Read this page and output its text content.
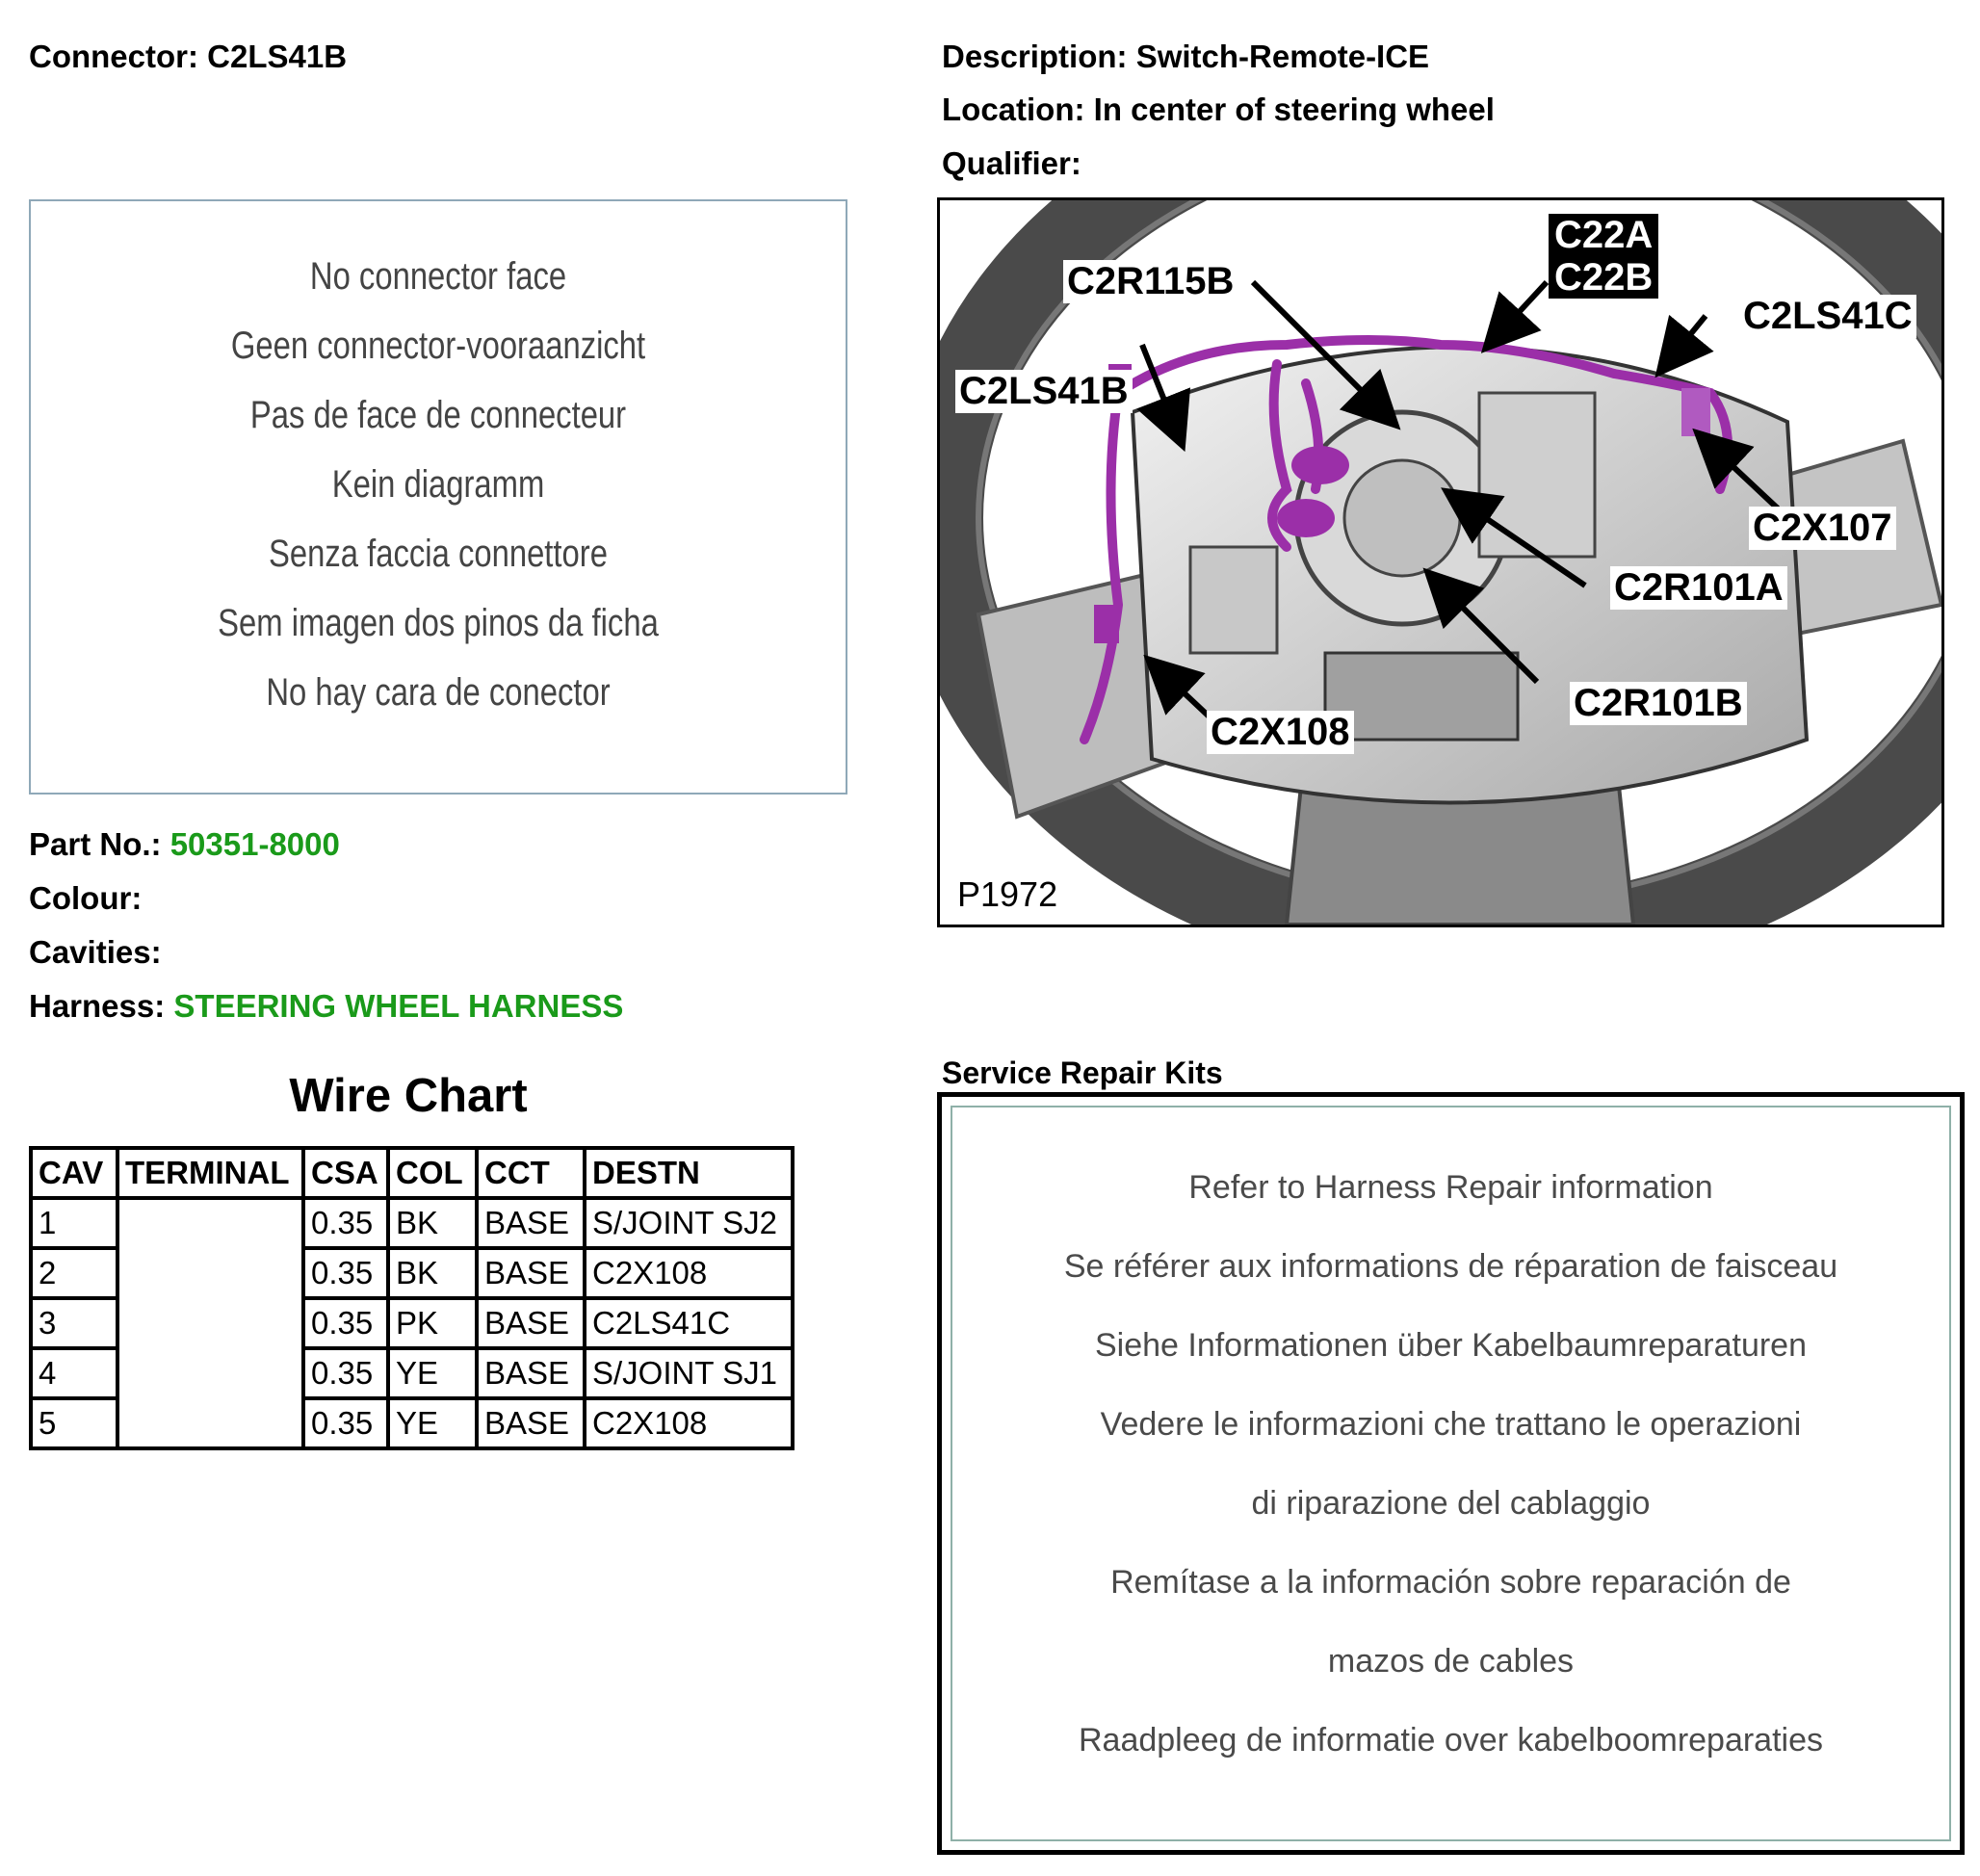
Connector: C2LS41B	Description: Switch-Remote-ICE
Location: In center of steering wheel
Qualifier:
No connector face
Geen connector-vooraanzicht
Pas de face de connecteur
Kein diagramm
Senza faccia connettore
Sem imagen dos pinos da ficha
No hay cara de conector
Part No.: 50351-8000
Colour:
Cavities:
Harness: STEERING WHEEL HARNESS
C22A
C22B
C2R115B
C2LS41C
C2LS41B
C2X107
C2R101A
C2R101B
C2X108
P1972
Wire Chart
CAV	TERMINAL	CSA	COL	CCT	DESTN
1		0.35	BK	BASE	S/JOINT SJ2
2		0.35	BK	BASE	C2X108
3		0.35	PK	BASE	C2LS41C
4		0.35	YE	BASE	S/JOINT SJ1
5		0.35	YE	BASE	C2X108
Service Repair Kits
Refer to Harness Repair information
Se référer aux informations de réparation de faisceau
Siehe Informationen über Kabelbaumreparaturen
Vedere le informazioni che trattano le operazioni
di riparazione del cablaggio
Remítase a la información sobre reparación de
mazos de cables
Raadpleeg de informatie over kabelboomreparaties
